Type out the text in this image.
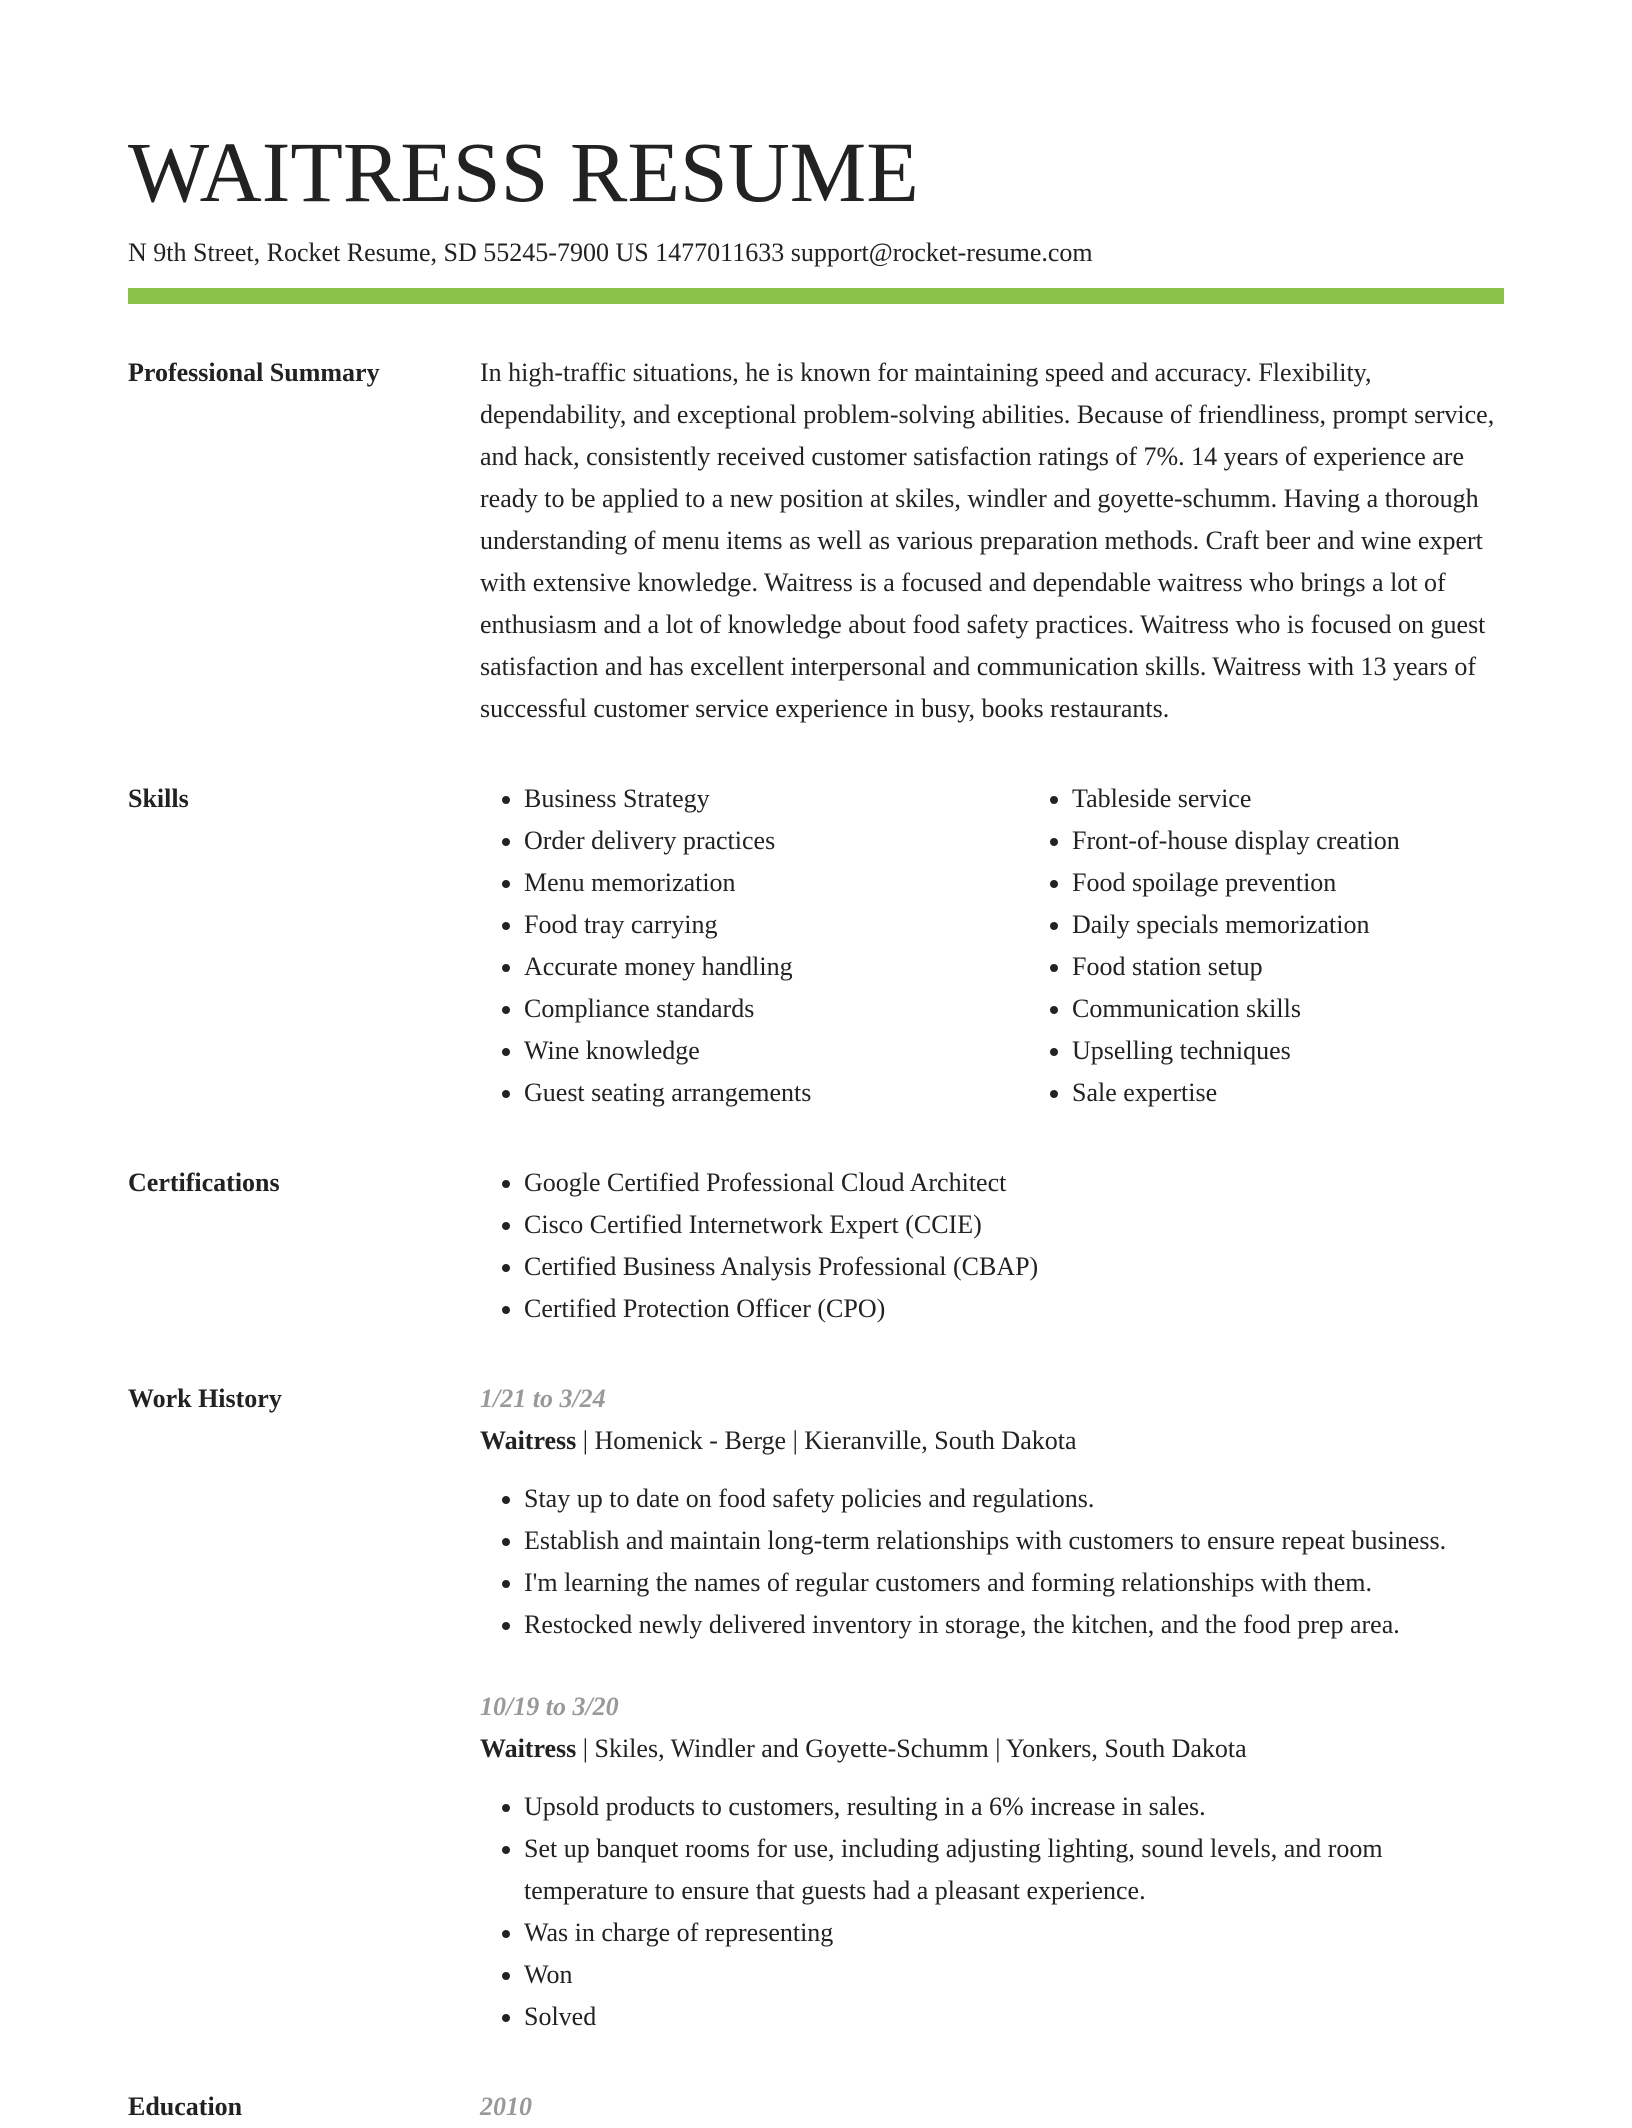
WAITRESS RESUME
N 9th Street, Rocket Resume, SD 55245-7900 US 1477011633 support@rocket-resume.com
Professional Summary	In high-traffic situations, he is known for maintaining speed and accuracy. Flexibility, dependability, and exceptional problem-solving abilities. Because of friendliness, prompt service, and hack, consistently received customer satisfaction ratings of 7%. 14 years of experience are ready to be applied to a new position at skiles, windler and goyette-schumm. Having a thorough understanding of menu items as well as various preparation methods. Craft beer and wine expert with extensive knowledge. Waitress is a focused and dependable waitress who brings a lot of enthusiasm and a lot of knowledge about food safety practices. Waitress who is focused on guest satisfaction and has excellent interpersonal and communication skills. Waitress with 13 years of successful customer service experience in busy, books restaurants.

Skills	• Business Strategy
• Order delivery practices
• Menu memorization
• Food tray carrying
• Accurate money handling
• Compliance standards
• Wine knowledge
• Guest seating arrangements
• Tableside service
• Front-of-house display creation
• Food spoilage prevention
• Daily specials memorization
• Food station setup
• Communication skills
• Upselling techniques
• Sale expertise
Certifications	• Google Certified Professional Cloud Architect
• Cisco Certified Internetwork Expert (CCIE)
• Certified Business Analysis Professional (CBAP)
• Certified Protection Officer (CPO)
Work History	1/21 to 3/24
Waitress | Homenick - Berge | Kieranville, South Dakota
• Stay up to date on food safety policies and regulations.
• Establish and maintain long-term relationships with customers to ensure repeat business.
• I'm learning the names of regular customers and forming relationships with them.
• Restocked newly delivered inventory in storage, the kitchen, and the food prep area.
10/19 to 3/20
Waitress | Skiles, Windler and Goyette-Schumm | Yonkers, South Dakota
• Upsold products to customers, resulting in a 6% increase in sales.
• Set up banquet rooms for use, including adjusting lighting, sound levels, and room temperature to ensure that guests had a pleasant experience.
• Was in charge of representing
• Won
• Solved
Education	2010
